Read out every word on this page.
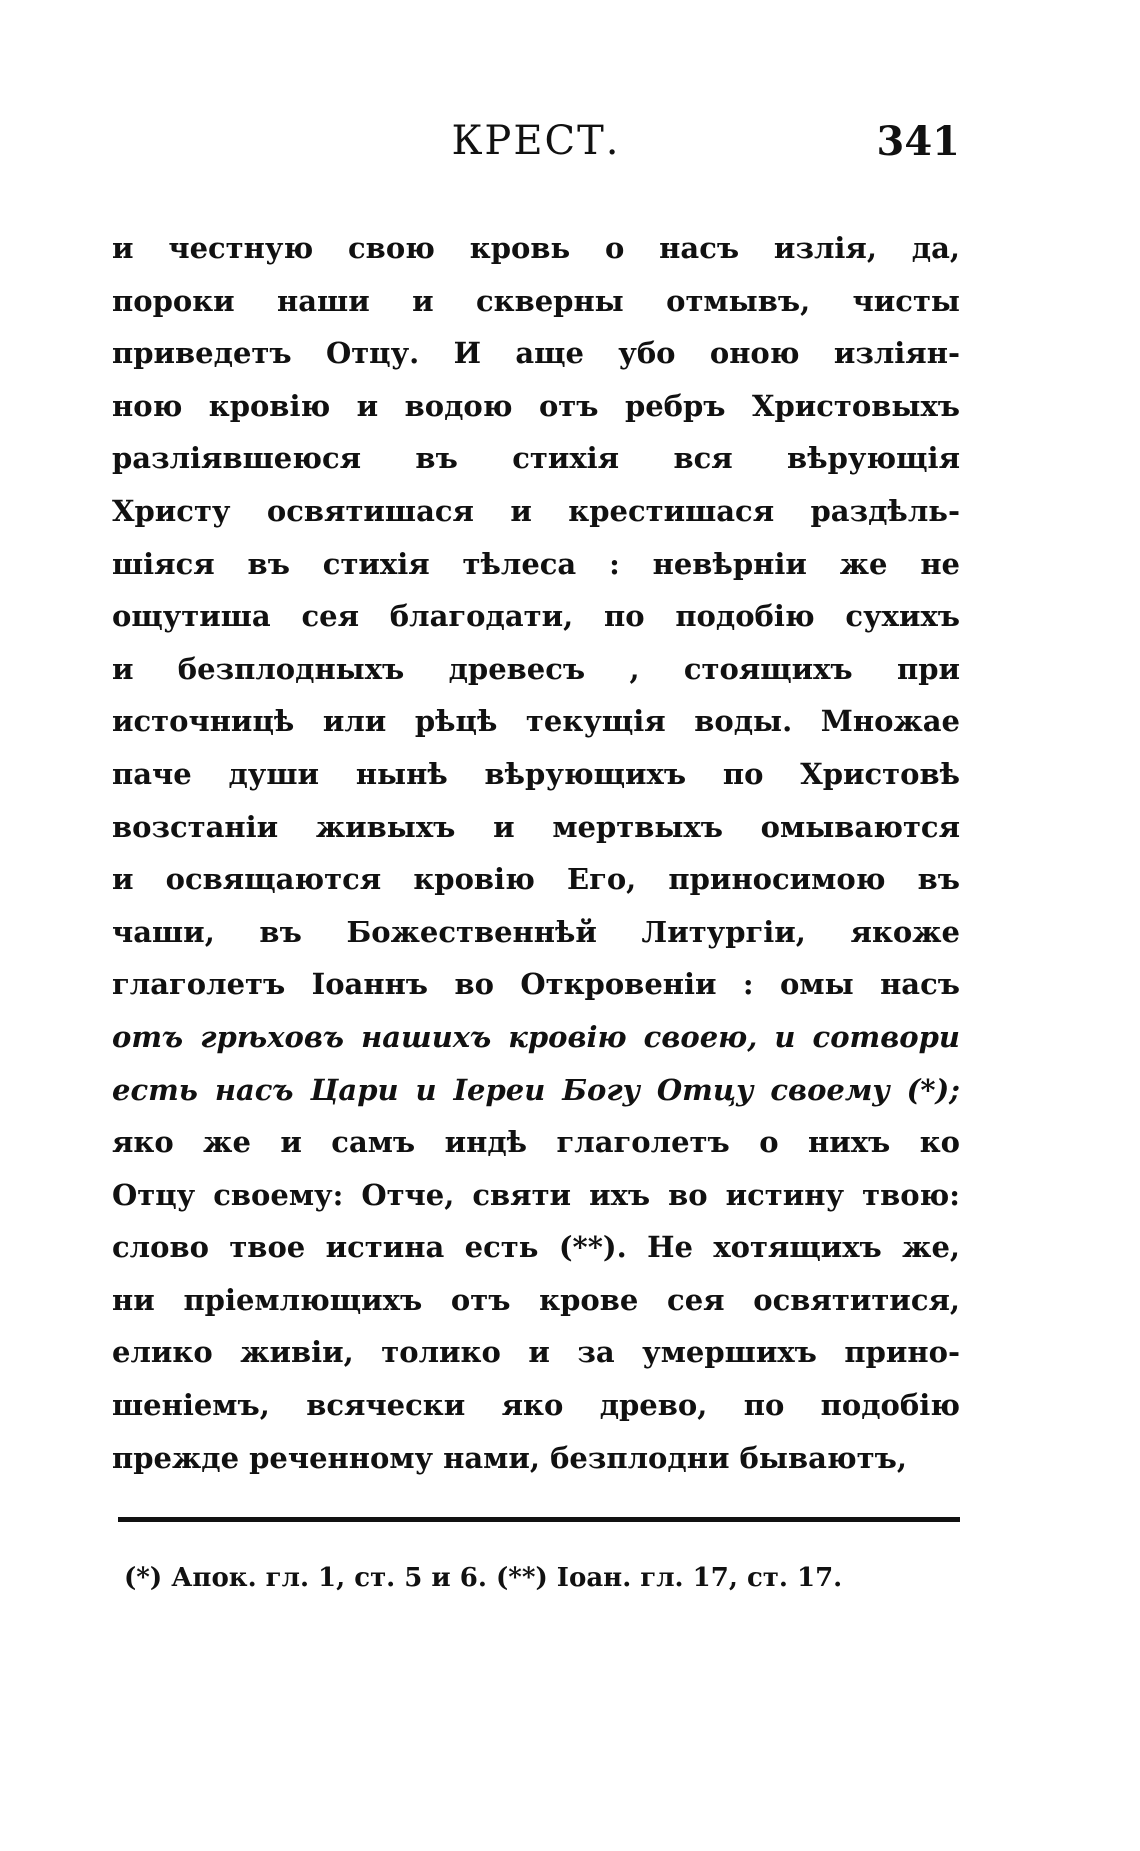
КРЕСТ.	341
и честную свою кровь о насъ излія, да,
пороки наши и скверны отмывъ, чисты
приведетъ Отцу. И аще убо оною изліян-
ною кровію и водою отъ ребръ Христовыхъ
разліявшеюся въ стихія вся вѣрующія
Христу освятишася и крестишася раздѣль-
шіяся въ стихія тѣлеса : невѣрніи же не
ощутиша сея благодати, по подобію сухихъ
и безплодныхъ древесъ , стоящихъ при
источницѣ или рѣцѣ текущія воды. Множае
паче души нынѣ вѣрующихъ по Христовѣ
возстаніи живыхъ и мертвыхъ омываются
и освящаются кровію Его, приносимою въ
чаши, въ Божественнѣй Литургіи, якоже
глаголетъ Іоаннъ во Откровеніи : омы насъ
отъ грѣховъ нашихъ кровію своею, и сотвори
есть насъ Цари и Іереи Богу Отцу своему (*);
яко же и самъ индѣ глаголетъ о нихъ ко
Отцу своему: Отче, святи ихъ во истину твою:
слово твое истина есть (**). Не хотящихъ же,
ни пріемлющихъ отъ крове сея освятитися,
елико живіи, толико и за умершихъ прино-
шеніемъ, всячески яко древо, по подобію
прежде реченному нами, безплодни бываютъ,
(*) Апок. гл. 1, ст. 5 и 6. (**) Іоан. гл. 17, ст. 17.
